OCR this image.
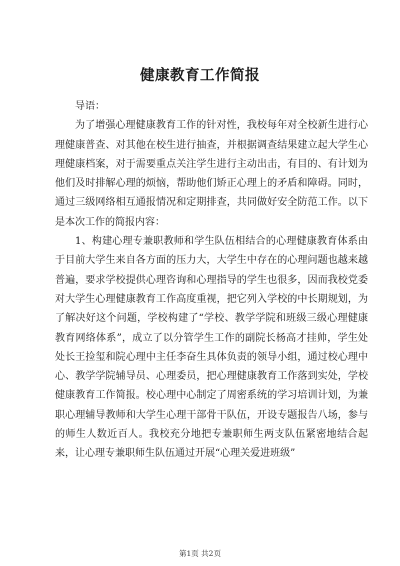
健康教育工作简报

导语：

为了增强心理健康教育工作的针对性，我校每年对全校新生进行心理健康普查、对其他在校生进行抽查，并根据调查结果建立起大学生心理健康档案，对于需要重点关注学生进行主动出击，有目的、有计划为他们及时排解心理的烦恼，帮助他们矫正心理上的矛盾和障碍。同时，通过三级网络相互通报情况和定期排查，共同做好安全防范工作。以下是本次工作的简报内容：

1、构建心理专兼职教师和学生队伍相结合的心理健康教育体系由于目前大学生来自各方面的压力大，大学生中存在的心理问题也越来越普遍，要求学校提供心理咨询和心理指导的学生也很多，因而我校党委对大学生心理健康教育工作高度重视，把它列入学校的中长期规划，为了解决好这个问题，学校构建了“学校、教学学院和班级三级心理健康教育网络体系”，成立了以分管学生工作的副院长杨高才挂帅，学生处处长王捡玺和院心理中主任李奋生具体负责的领导小组，通过校心理中心、教学学院辅导员、心理委员，把心理健康教育工作落到实处，学校健康教育工作简报。校心理中心制定了周密系统的学习培训计划，为兼职心理辅导教师和大学生心理干部骨干队伍，开设专题报告八场，参与的师生人数近百人。我校充分地把专兼职师生两支队伍紧密地结合起来，让心理专兼职师生队伍通过开展“心理关爱进班级”

第1页 共2页
